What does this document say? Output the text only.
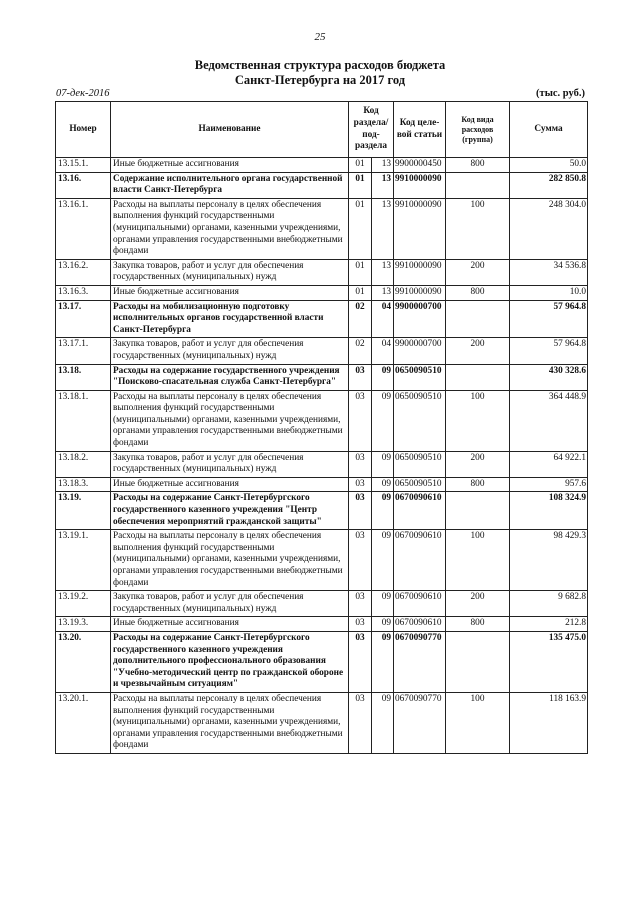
25
Ведомственная структура расходов бюджета
Санкт-Петербурга на 2017 год
07-дек-2016	(тыс. руб.)
Номер	Наименование	Код раздела/ под- раздела		Код целе- вой статьи	Код вида расходов (группа)	Сумма
13.15.1.	Иные бюджетные ассигнования	01	13	9900000450	800	50.0
13.16.	Содержание исполнительного органа государственной власти Санкт-Петербурга	01	13	9910000090		282 850.8
13.16.1.	Расходы на выплаты персоналу в целях обеспечения выполнения функций государственными (муниципальными) органами, казенными учреждениями, органами управления государственными внебюджетными фондами	01	13	9910000090	100	248 304.0
13.16.2.	Закупка товаров, работ и услуг для обеспечения государственных (муниципальных) нужд	01	13	9910000090	200	34 536.8
13.16.3.	Иные бюджетные ассигнования	01	13	9910000090	800	10.0
13.17.	Расходы на мобилизационную подготовку исполнительных органов государственной власти Санкт-Петербурга	02	04	9900000700		57 964.8
13.17.1.	Закупка товаров, работ и услуг для обеспечения государственных (муниципальных) нужд	02	04	9900000700	200	57 964.8
13.18.	Расходы на содержание государственного учреждения "Поисково-спасательная служба Санкт-Петербурга"	03	09	0650090510		430 328.6
13.18.1.	Расходы на выплаты персоналу в целях обеспечения выполнения функций государственными (муниципальными) органами, казенными учреждениями, органами управления государственными внебюджетными фондами	03	09	0650090510	100	364 448.9
13.18.2.	Закупка товаров, работ и услуг для обеспечения государственных (муниципальных) нужд	03	09	0650090510	200	64 922.1
13.18.3.	Иные бюджетные ассигнования	03	09	0650090510	800	957.6
13.19.	Расходы на содержание Санкт-Петербургского государственного казенного учреждения "Центр обеспечения мероприятий гражданской защиты"	03	09	0670090610		108 324.9
13.19.1.	Расходы на выплаты персоналу в целях обеспечения выполнения функций государственными (муниципальными) органами, казенными учреждениями, органами управления государственными внебюджетными фондами	03	09	0670090610	100	98 429.3
13.19.2.	Закупка товаров, работ и услуг для обеспечения государственных (муниципальных) нужд	03	09	0670090610	200	9 682.8
13.19.3.	Иные бюджетные ассигнования	03	09	0670090610	800	212.8
13.20.	Расходы на содержание Санкт-Петербургского государственного казенного учреждения дополнительного профессионального образования "Учебно-методический центр по гражданской обороне и чрезвычайным ситуациям"	03	09	0670090770		135 475.0
13.20.1.	Расходы на выплаты персоналу в целях обеспечения выполнения функций государственными (муниципальными) органами, казенными учреждениями, органами управления государственными внебюджетными фондами	03	09	0670090770	100	118 163.9
